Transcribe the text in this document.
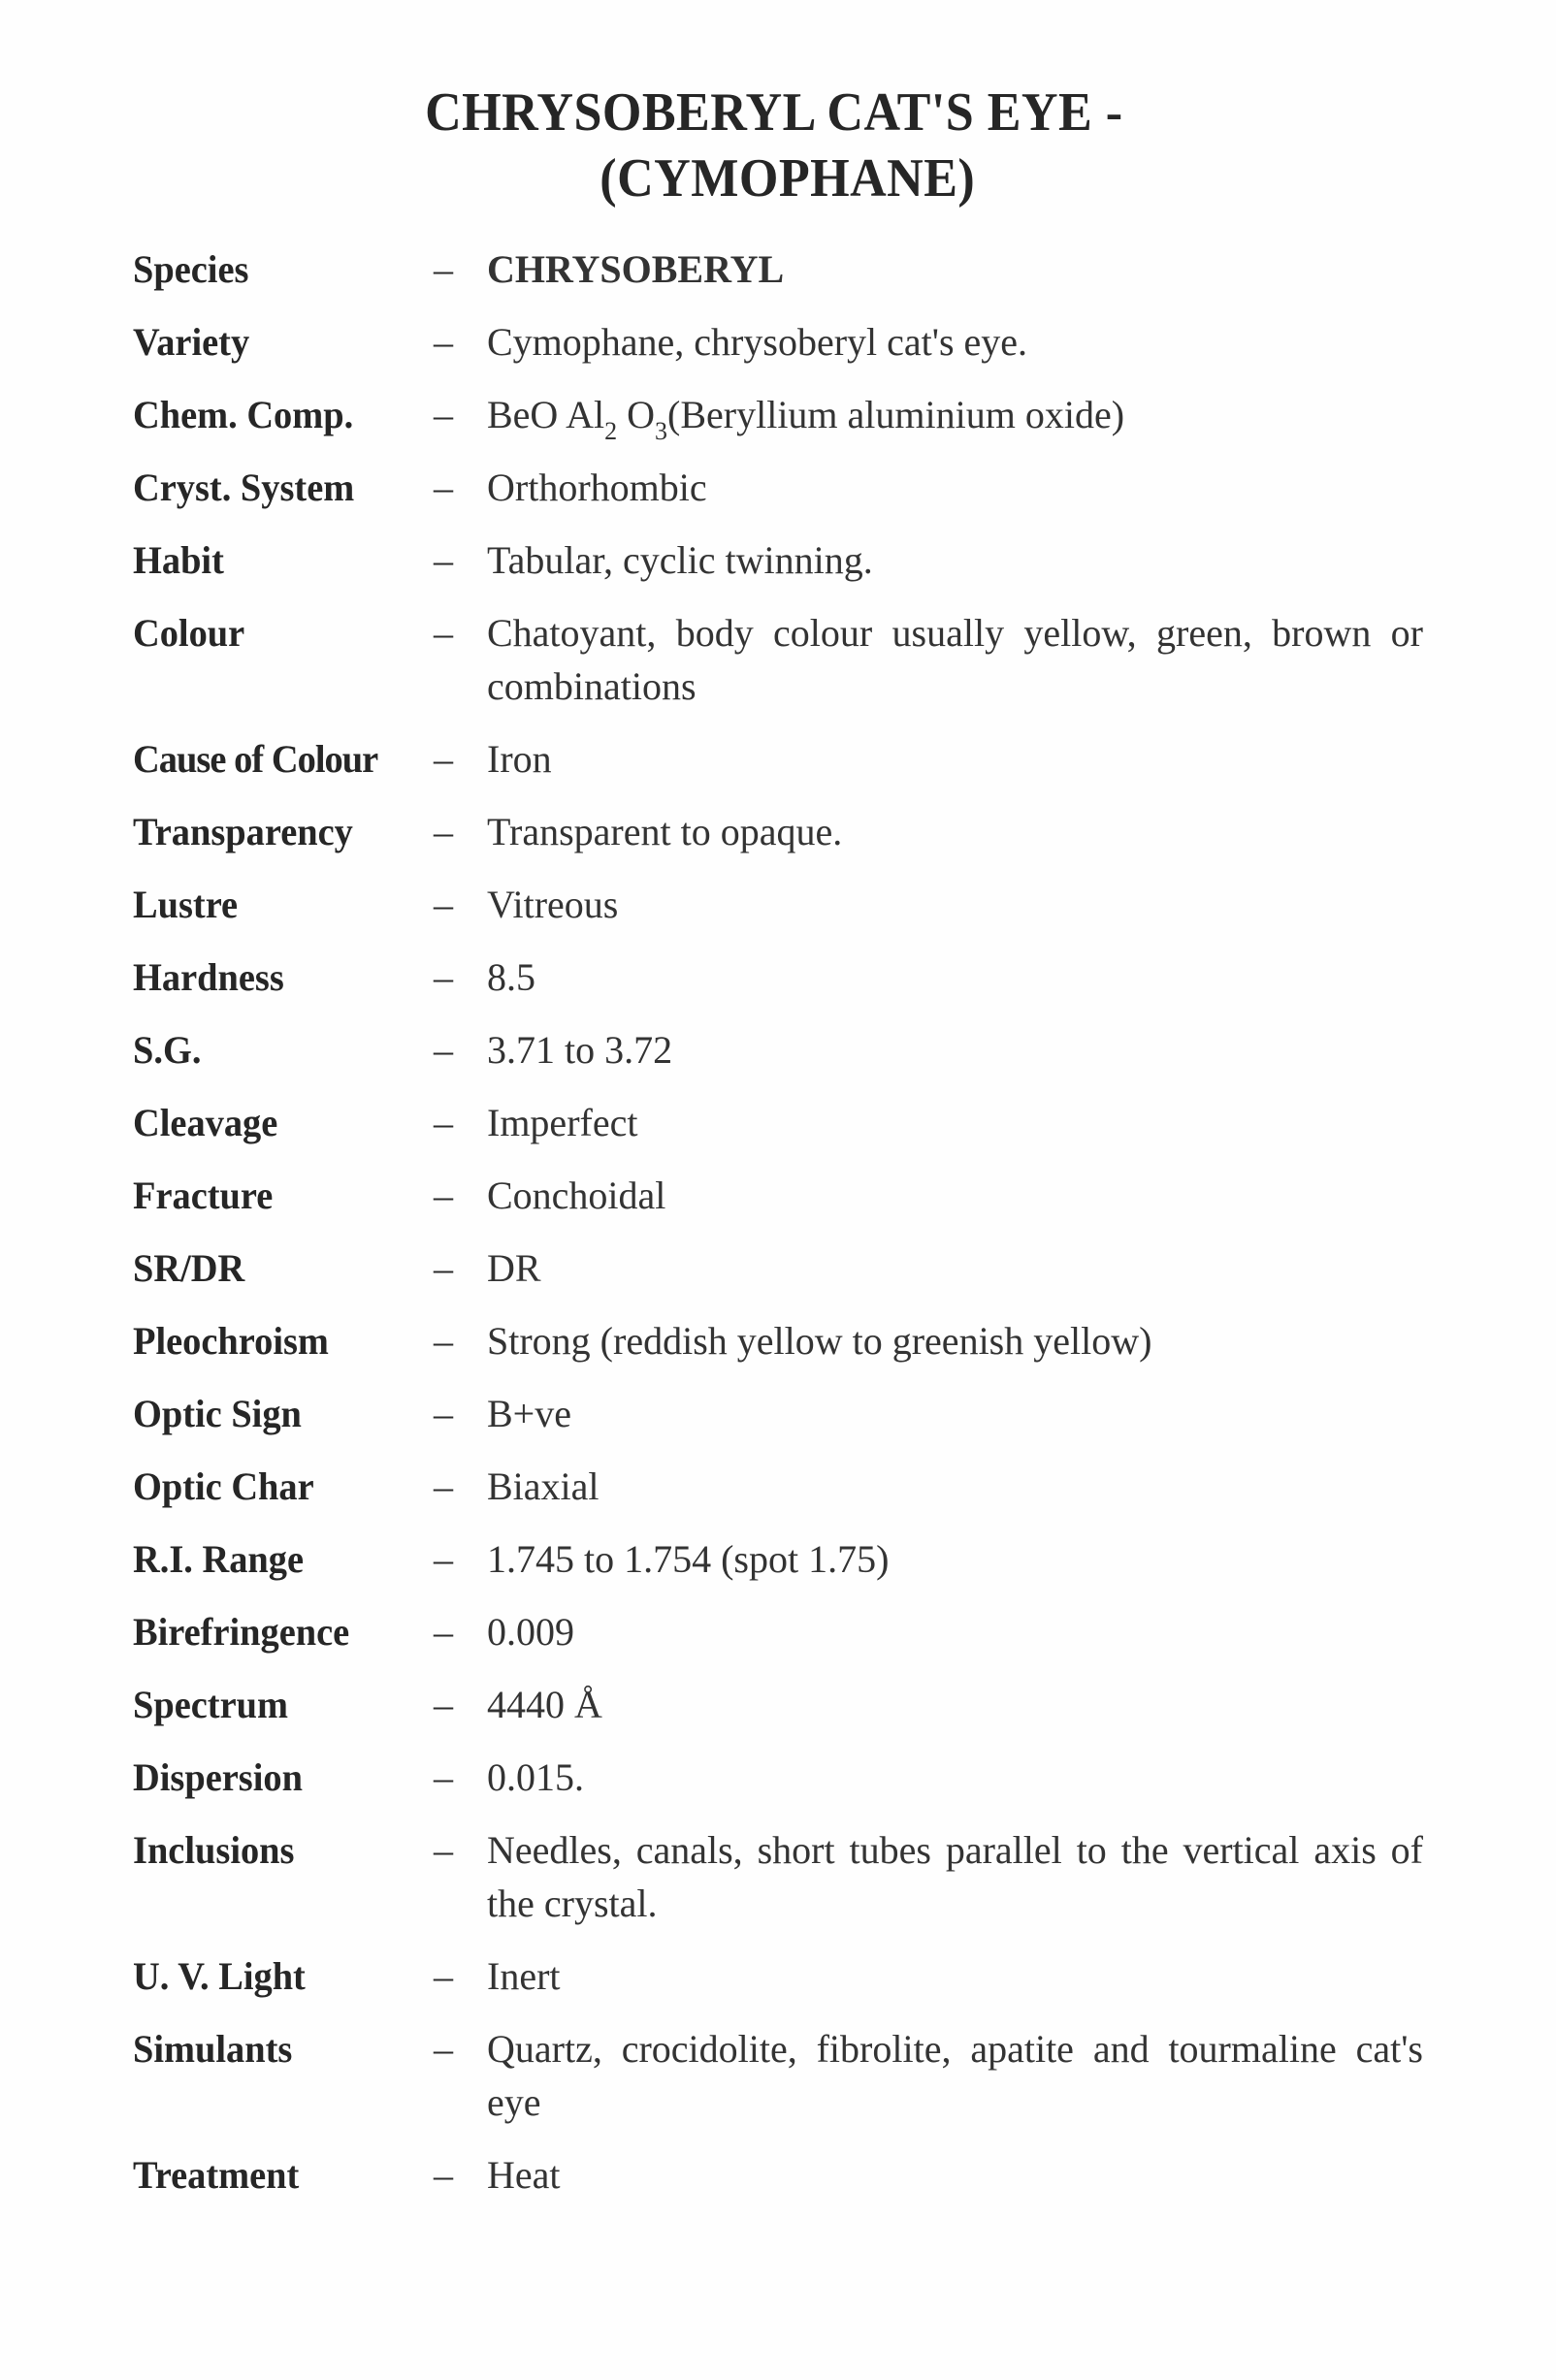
CHRYSOBERYL CAT'S EYE -
(CYMOPHANE)
Species	– CHRYSOBERYL
Variety	– Cymophane, chrysoberyl cat's eye.
Chem. Comp.	– BeO $Al_2$ $O_3(Beryllium$ aluminium oxide)
Cryst. System	– Orthorhombic
Habit	– Tabular, cyclic twinning.
Colour	– Chatoyant, body colour usually yellow, green, brown or combinations
Cause of Colour	– Iron
Transparency	– Transparent to opaque.
Lustre	– Vitreous
Hardness	– 8.5
S.G.	– 3.71 to 3.72
Cleavage	– Imperfect
Fracture	– Conchoidal
SR/DR	– DR
Pleochroism	– Strong (reddish yellow to greenish yellow)
Optic Sign	– B+ve
Optic Char	– Biaxial
R.I. Range	– 1.745 to 1.754 (spot 1.75)
Birefringence	– 0.009
Spectrum	– 4440 Å
Dispersion	– 0.015.
Inclusions	– Needles, canals, short tubes parallel to the vertical axis of the crystal.
U. V. Light	– Inert
Simulants	– Quartz, crocidolite, fibrolite, apatite and tourmaline cat's eye
Treatment	– Heat
